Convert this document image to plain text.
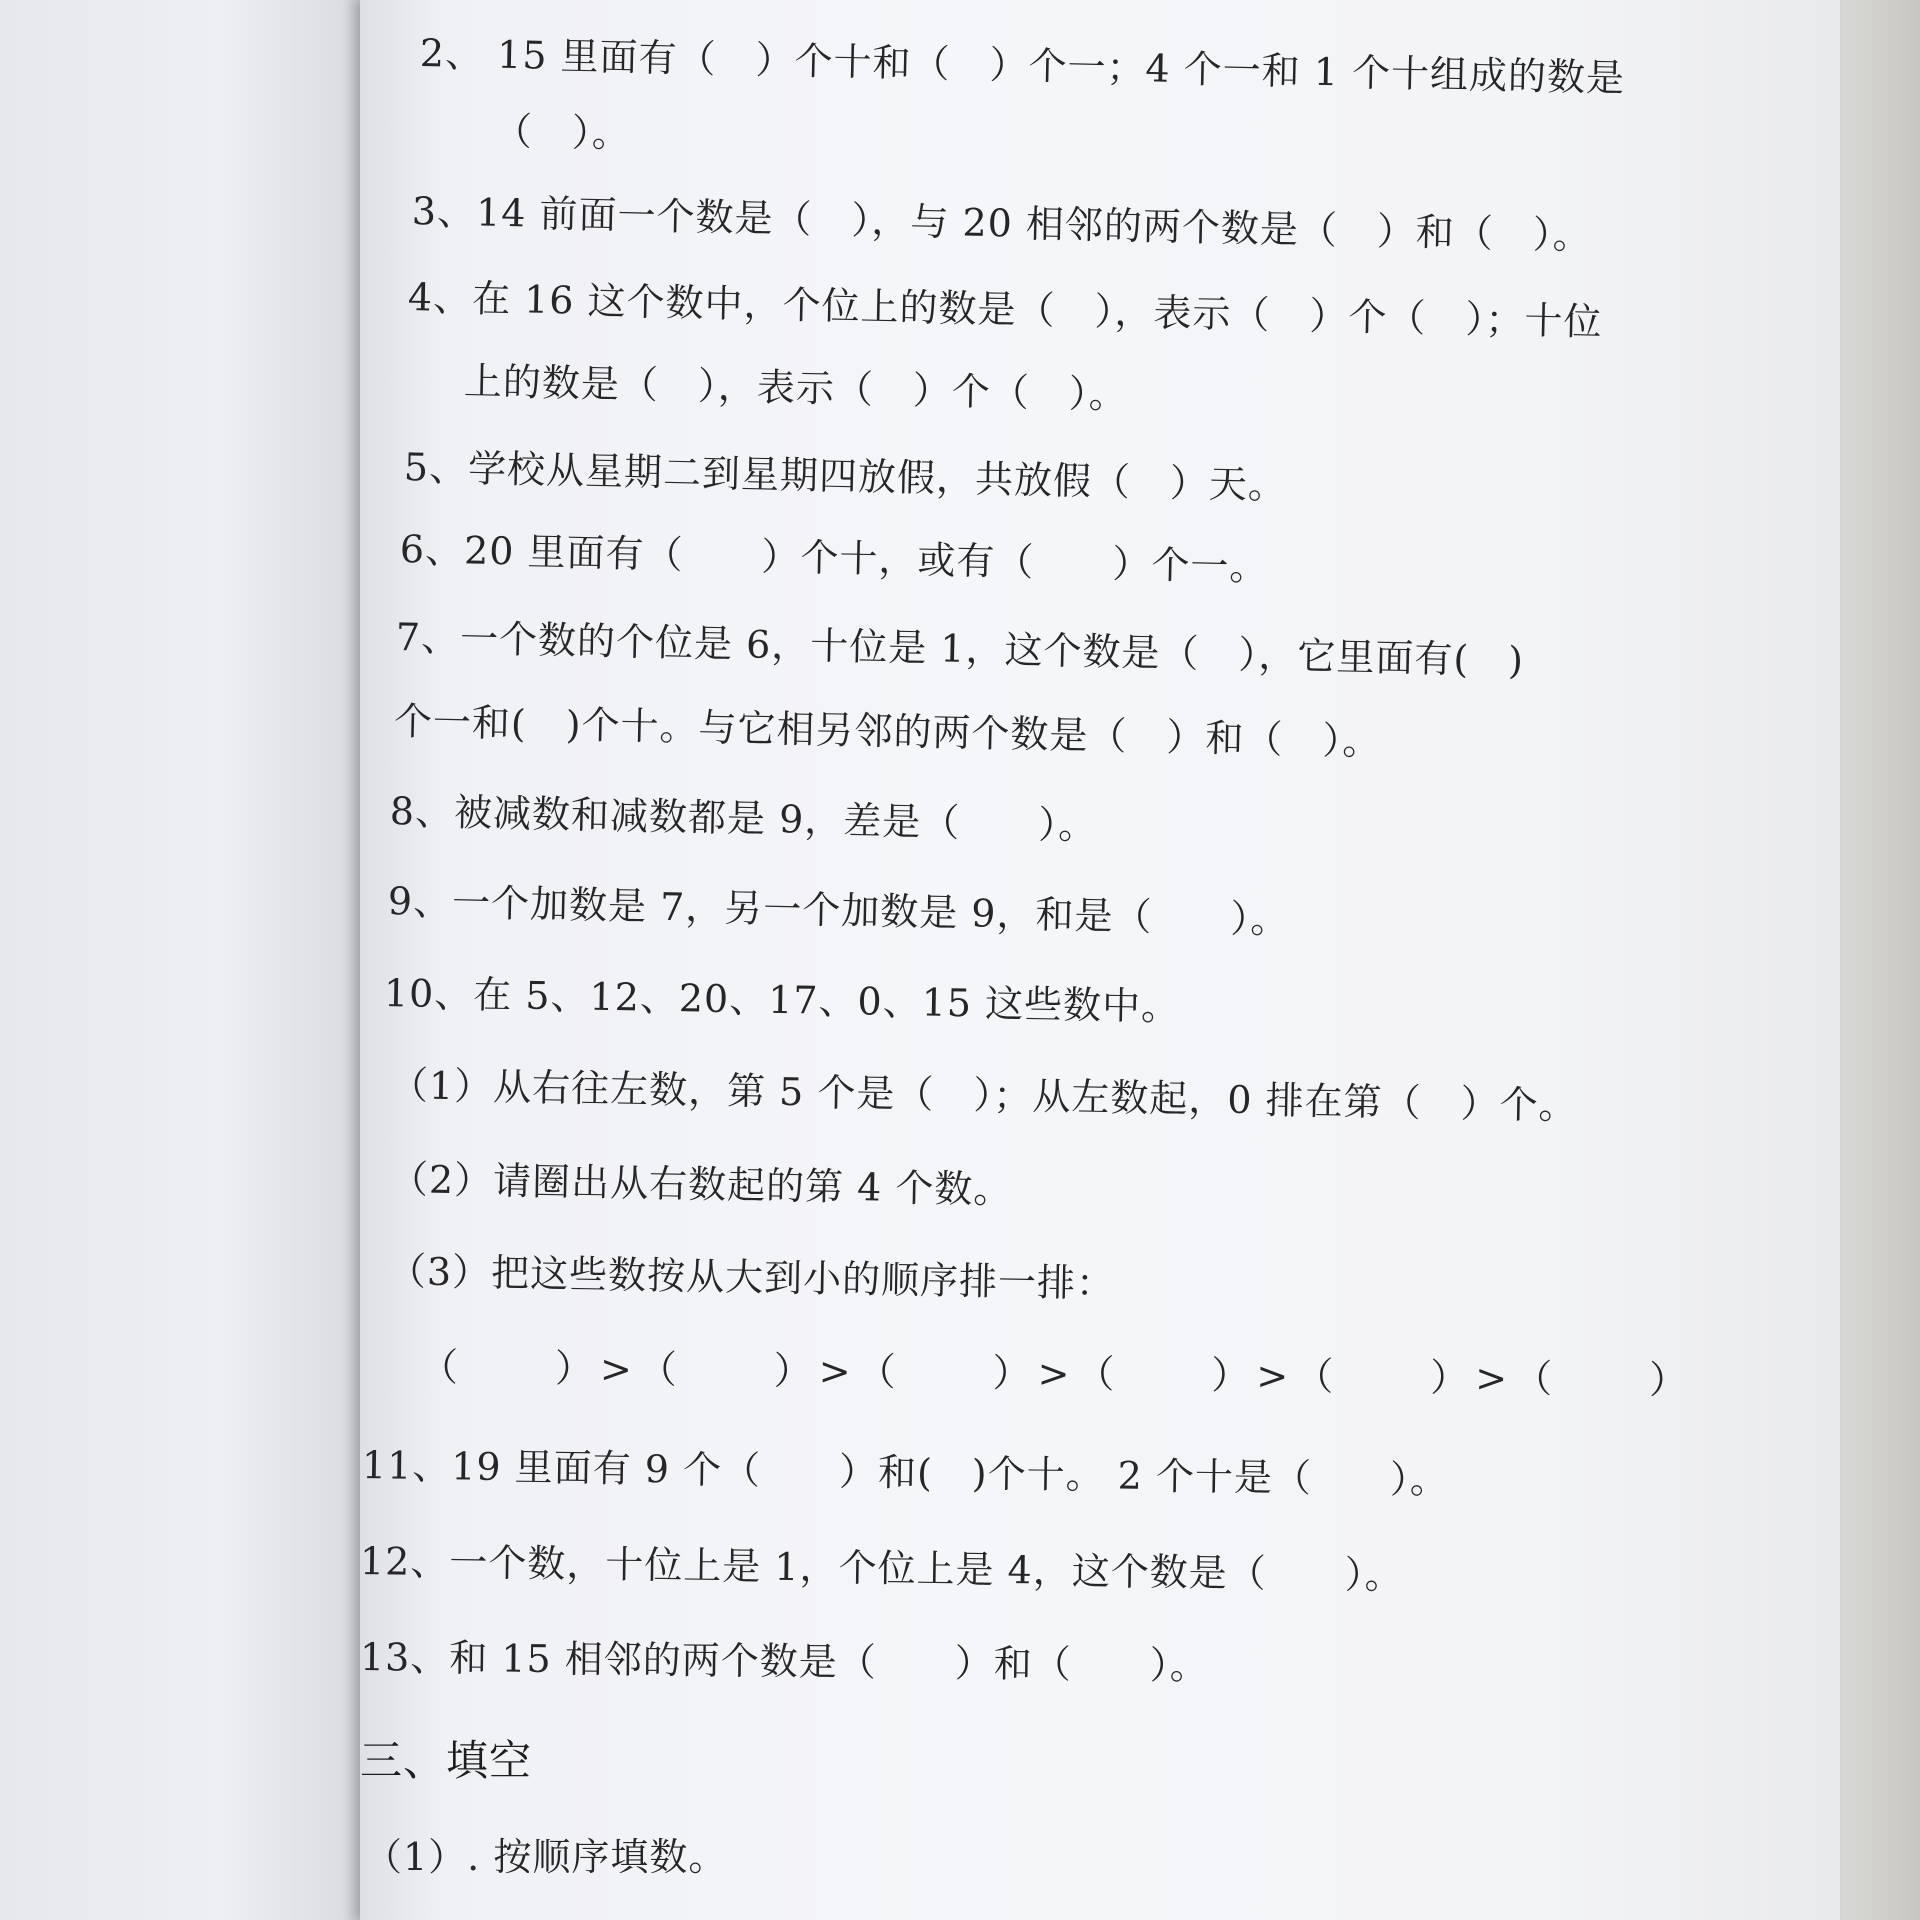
2、 15 里面有（　）个十和（　）个一；4 个一和 1 个十组成的数是
（　）。
3、14 前面一个数是（　），与 20 相邻的两个数是（　）和（　）。
4、在 16 这个数中，个位上的数是（　），表示（　）个（　）；十位
上的数是（　），表示（　）个（　）。
5、学校从星期二到星期四放假，共放假（　）天。
6、20 里面有（　　）个十，或有（　　）个一。
7、一个数的个位是 6，十位是 1，这个数是（　），它里面有(　)
个一和(　)个十。与它相另邻的两个数是（　）和（　）。
8、被减数和减数都是 9，差是（　　）。
9、一个加数是 7，另一个加数是 9，和是（　　）。
10、在 5、12、20、17、0、15 这些数中。
（1）从右往左数，第 5 个是（　）；从左数起，0 排在第（　）个。
（2）请圈出从右数起的第 4 个数。
（3）把这些数按从大到小的顺序排一排：
（　　）>（　　）>（　　）>（　　）>（　　）>（　　）
11、19 里面有 9 个（　　）和(　)个十。 2 个十是（　　）。
12、一个数，十位上是 1，个位上是 4，这个数是（　　）。
13、和 15 相邻的两个数是（　　）和（　　）。
三、填空
（1）. 按顺序填数。
